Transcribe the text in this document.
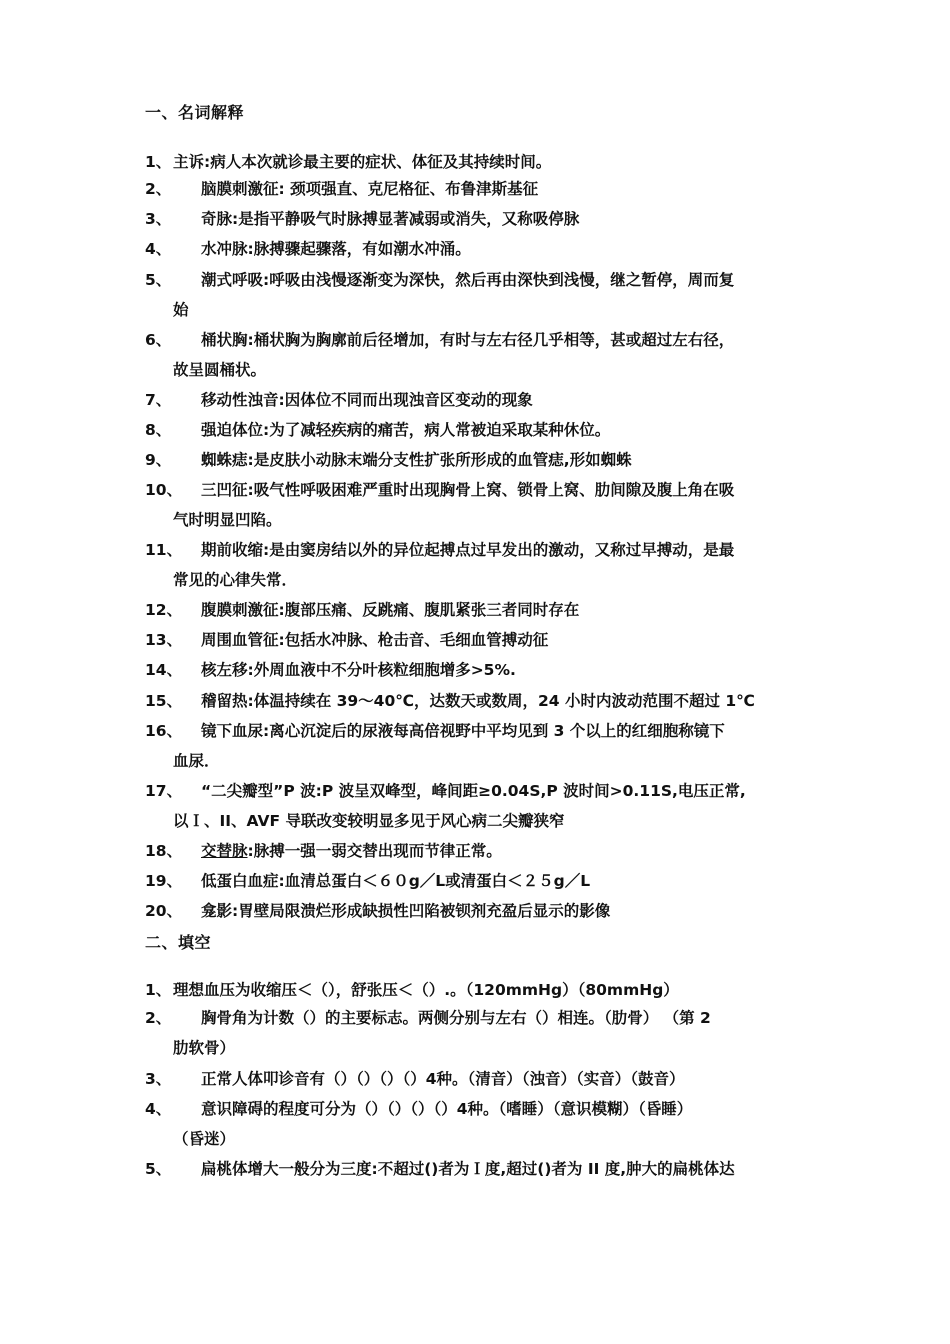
一、名词解释
1、 主诉:病人本次就诊最主要的症状、体征及其持续时间。
2、 脑膜刺激征: 颈项强直、克尼格征、布鲁津斯基征
3、 奇脉:是指平静吸气时脉搏显著减弱或消失，又称吸停脉
4、 水冲脉:脉搏骤起骤落，有如潮水冲涌。
5、 潮式呼吸:呼吸由浅慢逐渐变为深快，然后再由深快到浅慢，继之暂停，周而复
始
6、 桶状胸:桶状胸为胸廓前后径增加，有时与左右径几乎相等，甚或超过左右径，
故呈圆桶状。
7、 移动性浊音:因体位不同而出现浊音区变动的现象
8、 强迫体位:为了减轻疾病的痛苦，病人常被迫采取某种休位。
9、 蜘蛛痣:是皮肤小动脉末端分支性扩张所形成的血管痣,形如蜘蛛
10、 三凹征:吸气性呼吸困难严重时出现胸骨上窝、锁骨上窝、肋间隙及腹上角在吸
气时明显凹陷。
11、 期前收缩:是由窦房结以外的异位起搏点过早发出的激动，又称过早搏动，是最
常见的心律失常．
12、 腹膜刺激征:腹部压痛、反跳痛、腹肌紧张三者同时存在
13、 周围血管征:包括水冲脉、枪击音、毛细血管搏动征
14、 核左移:外周血液中不分叶核粒细胞增多>5%.
15、 稽留热:体温持续在 39～40℃，达数天或数周，24 小时内波动范围不超过 1℃
16、 镜下血尿:离心沉淀后的尿液每高倍视野中平均见到 3 个以上的红细胞称镜下
血尿．
17、 “二尖瓣型”P 波:P 波呈双峰型，峰间距≥0.04S,P 波时间>0.11S,电压正常,
以Ｉ、II、AVF 导联改变较明显多见于风心病二尖瓣狭窄
18、 交替脉:脉搏一强一弱交替出现而节律正常。
19、 低蛋白血症:血清总蛋白＜６０g／L或清蛋白＜２５g／L
20、 龛影:胃壁局限溃烂形成缺损性凹陷被钡剂充盈后显示的影像
二、填空
1、 理想血压为收缩压＜（），舒张压＜（）.。（120mmHg）（80mmHg）
2、 胸骨角为计数（）的主要标志。两侧分别与左右（）相连。（肋骨） （第 2
肋软骨）
3、 正常人体叩诊音有（）（）（）（）4种。（清音）（浊音）（实音）（鼓音）
4、 意识障碍的程度可分为（）（）（）（）4种。（嗜睡）（意识模糊）（昏睡）
（昏迷）
5、 扁桃体增大一般分为三度:不超过()者为Ｉ度,超过()者为 II 度,肿大的扁桃体达
